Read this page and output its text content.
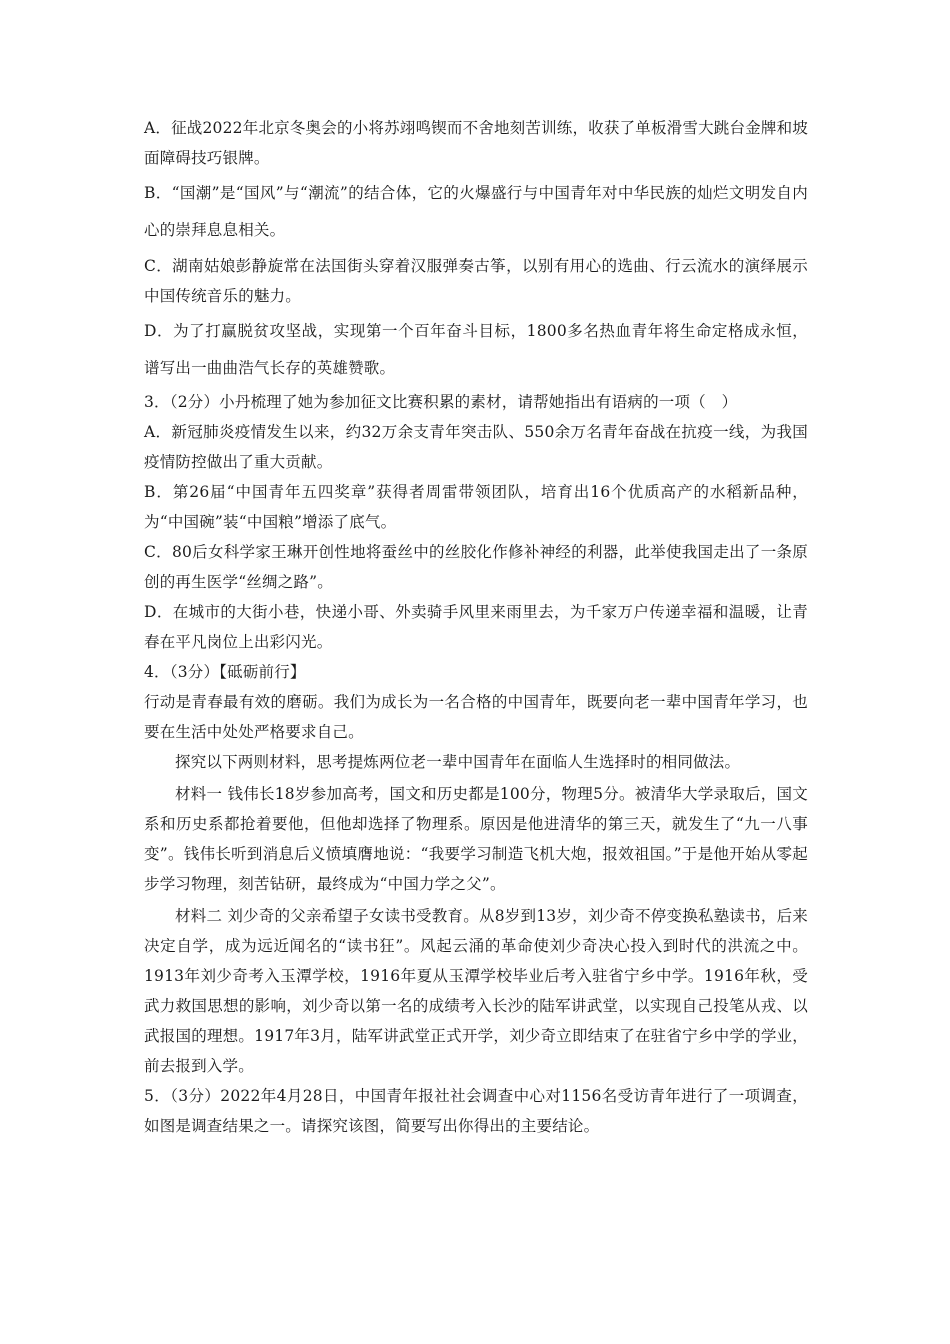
A．征战2022年北京冬奥会的小将苏翊鸣锲而不舍地刻苦训练，收获了单板滑雪大跳台金牌和坡面障碍技巧银牌。

B．“国潮”是“国风”与“潮流”的结合体，它的火爆盛行与中国青年对中华民族的灿烂文明发自内心的崇拜息息相关。

C．湖南姑娘彭静旋常在法国街头穿着汉服弹奏古筝，以别有用心的选曲、行云流水的演绎展示中国传统音乐的魅力。

D．为了打赢脱贫攻坚战，实现第一个百年奋斗目标，1800多名热血青年将生命定格成永恒，谱写出一曲曲浩气长存的英雄赞歌。

3．（2分）小丹梳理了她为参加征文比赛积累的素材，请帮她指出有语病的一项（　）

A．新冠肺炎疫情发生以来，约32万余支青年突击队、550余万名青年奋战在抗疫一线，为我国疫情防控做出了重大贡献。

B．第26届“中国青年五四奖章”获得者周雷带领团队，培育出16个优质高产的水稻新品种，为“中国碗”装“中国粮”增添了底气。

C．80后女科学家王琳开创性地将蚕丝中的丝胶化作修补神经的利器，此举使我国走出了一条原创的再生医学“丝绸之路”。

D．在城市的大街小巷，快递小哥、外卖骑手风里来雨里去，为千家万户传递幸福和温暖，让青春在平凡岗位上出彩闪光。

4．（3分）【砥砺前行】

行动是青春最有效的磨砺。我们为成长为一名合格的中国青年，既要向老一辈中国青年学习，也要在生活中处处严格要求自己。

探究以下两则材料，思考提炼两位老一辈中国青年在面临人生选择时的相同做法。

材料一 钱伟长18岁参加高考，国文和历史都是100分，物理5分。被清华大学录取后，国文系和历史系都抢着要他，但他却选择了物理系。原因是他进清华的第三天，就发生了“九一八事变”。钱伟长听到消息后义愤填膺地说：“我要学习制造飞机大炮，报效祖国。”于是他开始从零起步学习物理，刻苦钻研，最终成为“中国力学之父”。

材料二 刘少奇的父亲希望子女读书受教育。从8岁到13岁，刘少奇不停变换私塾读书，后来决定自学，成为远近闻名的“读书狂”。风起云涌的革命使刘少奇决心投入到时代的洪流之中。1913年刘少奇考入玉潭学校，1916年夏从玉潭学校毕业后考入驻省宁乡中学。1916年秋，受武力救国思想的影响，刘少奇以第一名的成绩考入长沙的陆军讲武堂，以实现自己投笔从戎、以武报国的理想。1917年3月，陆军讲武堂正式开学，刘少奇立即结束了在驻省宁乡中学的学业，前去报到入学。

5．（3分）2022年4月28日，中国青年报社社会调查中心对1156名受访青年进行了一项调查，如图是调查结果之一。请探究该图，简要写出你得出的主要结论。
